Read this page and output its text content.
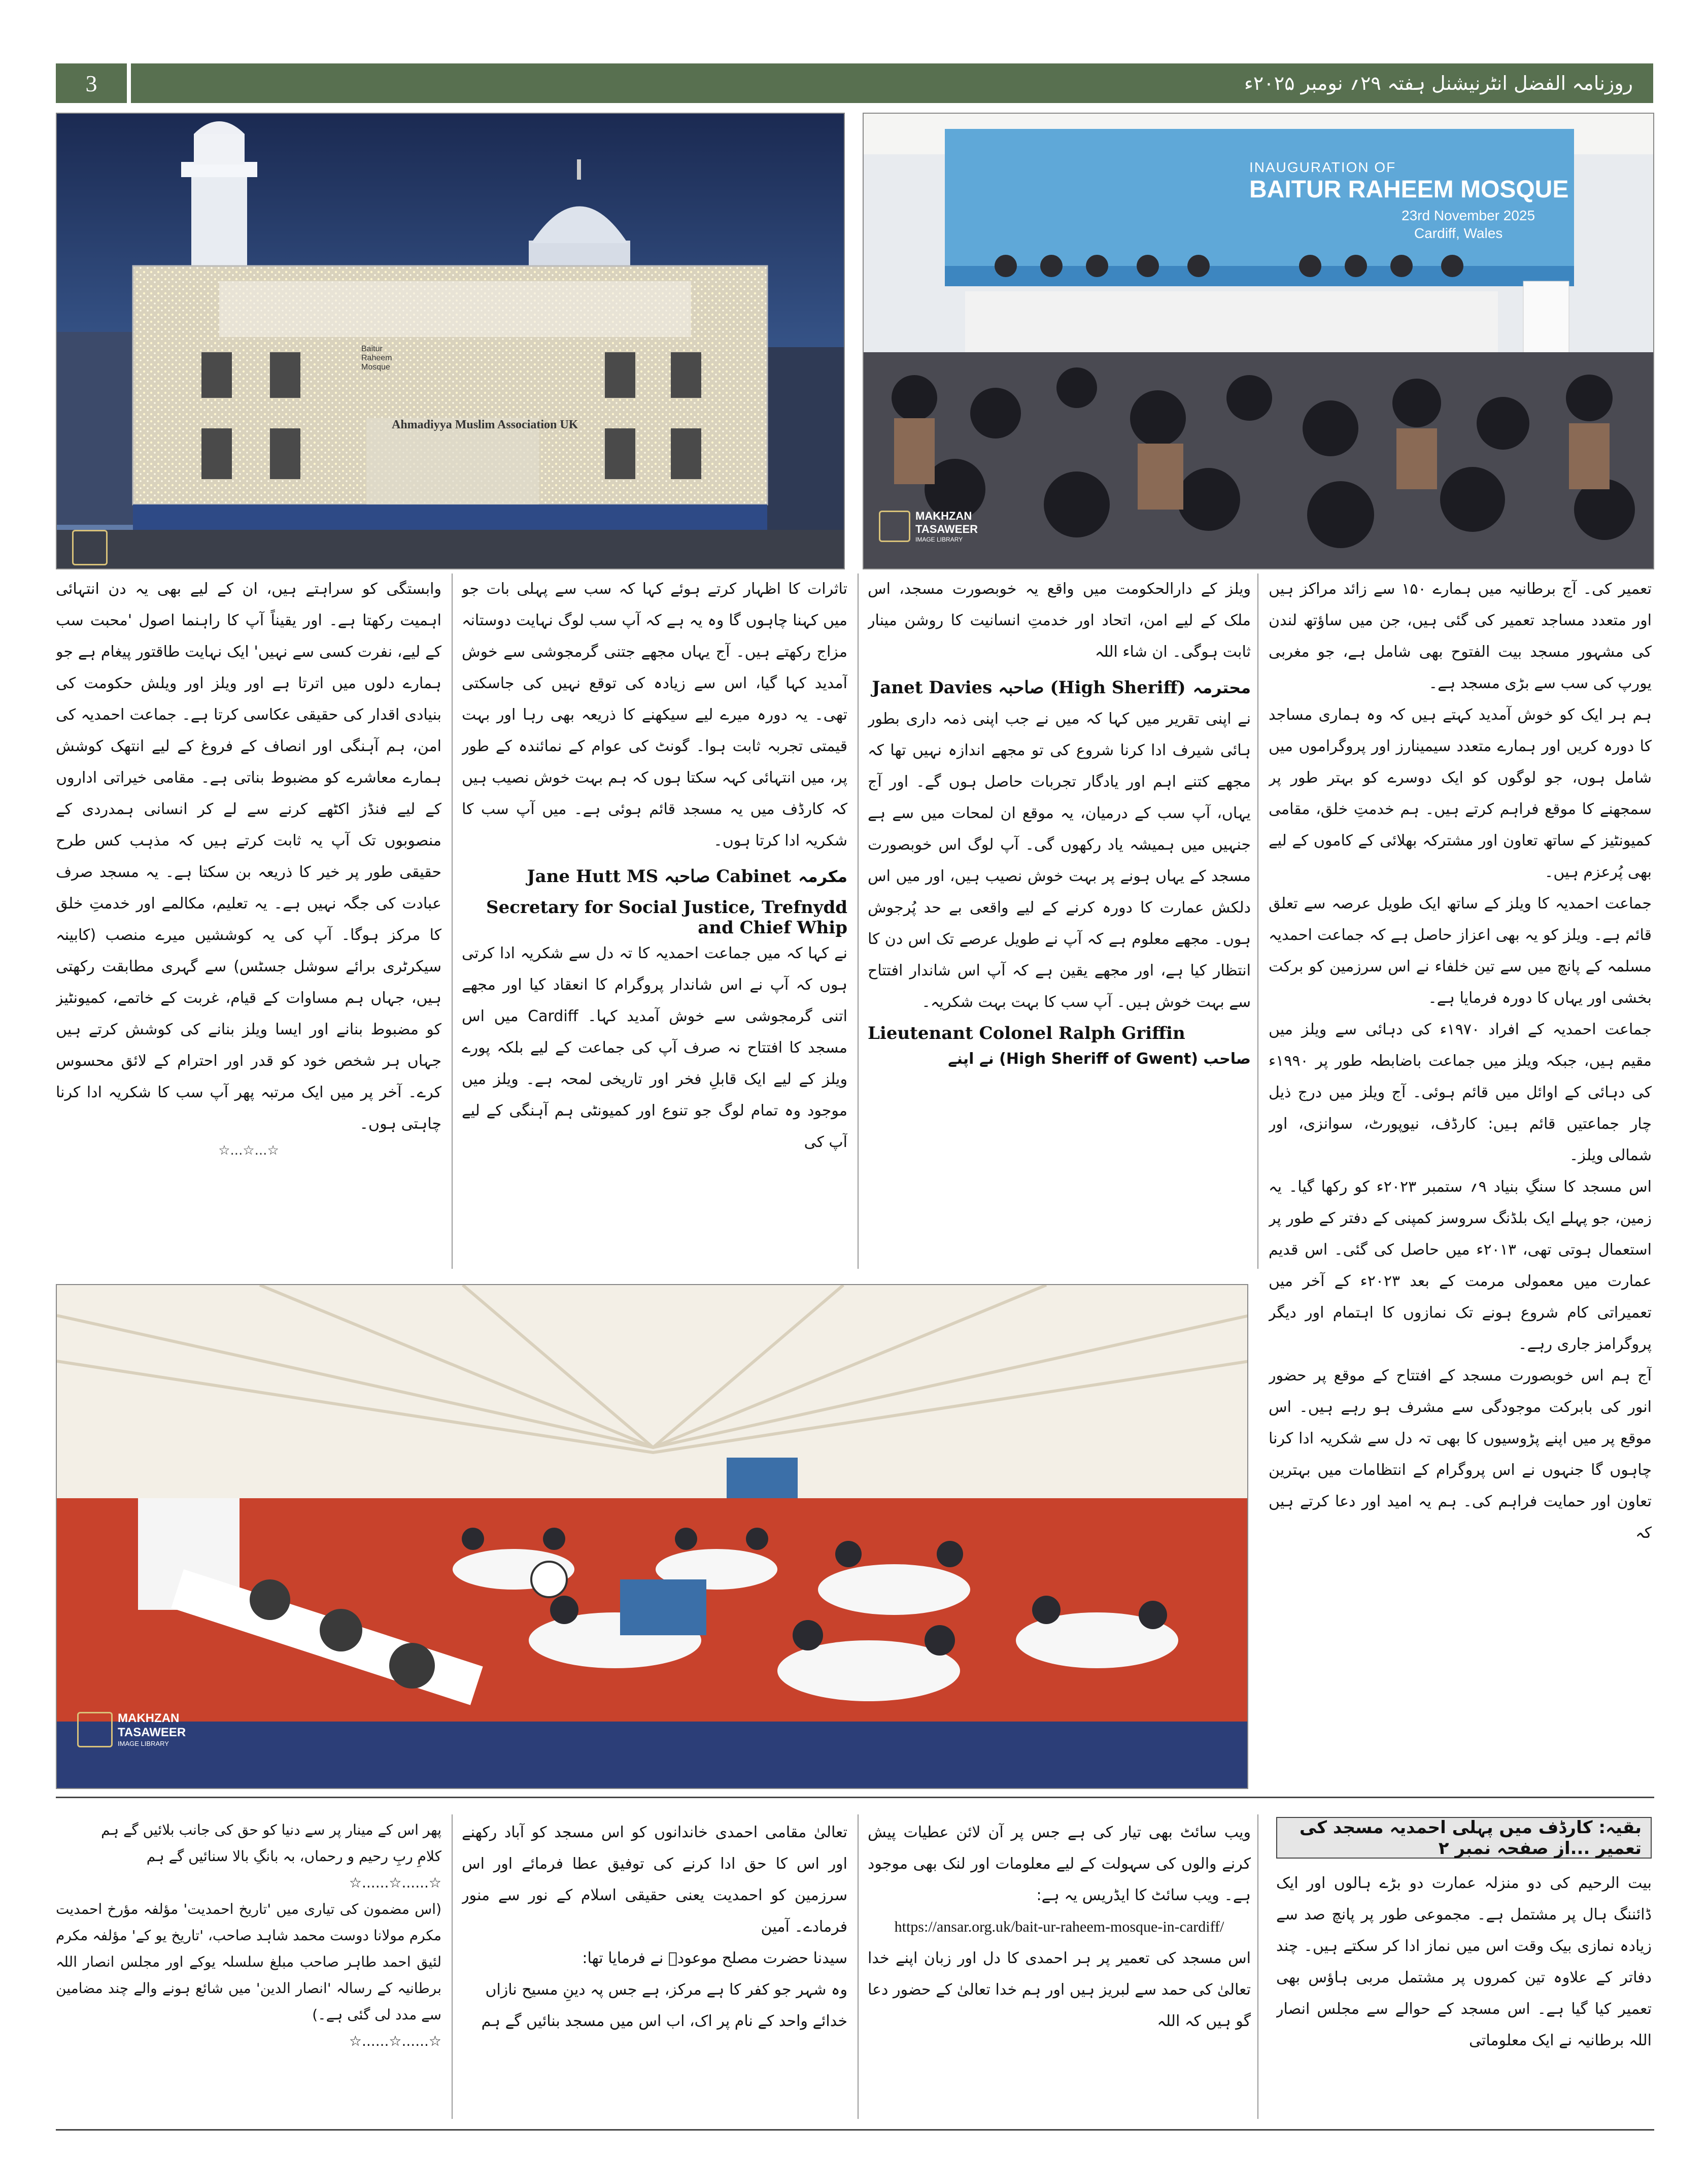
3	روزنامہ الفضل انٹرنیشنل ہفتہ ۲۹؍ نومبر ۲۰۲۵ء
Ahmadiyya Muslim Association UK
Baitur Raheem Mosque
INAUGURATION OF
BAITUR RAHEEM MOSQUE
23rd November 2025
Cardiff, Wales
MAKHZAN
TASAWEER
IMAGE LIBRARY
تعمیر کی۔ آج برطانیہ میں ہمارے ۱۵۰ سے زائد مراکز ہیں اور متعدد مساجد تعمیر کی گئی ہیں، جن میں ساؤتھ لندن کی مشہور مسجد بیت الفتوح بھی شامل ہے، جو مغربی یورپ کی سب سے بڑی مسجد ہے۔
ہم ہر ایک کو خوش آمدید کہتے ہیں کہ وہ ہماری مساجد کا دورہ کریں اور ہمارے متعدد سیمینارز اور پروگراموں میں شامل ہوں، جو لوگوں کو ایک دوسرے کو بہتر طور پر سمجھنے کا موقع فراہم کرتے ہیں۔ ہم خدمتِ خلق، مقامی کمیونٹیز کے ساتھ تعاون اور مشترکہ بھلائی کے کاموں کے لیے بھی پُرعزم ہیں۔
جماعت احمدیہ کا ویلز کے ساتھ ایک طویل عرصہ سے تعلق قائم ہے۔ ویلز کو یہ بھی اعزاز حاصل ہے کہ جماعت احمدیہ مسلمہ کے پانچ میں سے تین خلفاء نے اس سرزمین کو برکت بخشی اور یہاں کا دورہ فرمایا ہے۔
جماعت احمدیہ کے افراد ۱۹۷۰ء کی دہائی سے ویلز میں مقیم ہیں، جبکہ ویلز میں جماعت باضابطہ طور پر ۱۹۹۰ء کی دہائی کے اوائل میں قائم ہوئی۔ آج ویلز میں درج ذیل چار جماعتیں قائم ہیں: کارڈف، نیوپورٹ، سوانزی، اور شمالی ویلز۔
اس مسجد کا سنگِ بنیاد ۹؍ ستمبر ۲۰۲۳ء کو رکھا گیا۔ یہ زمین، جو پہلے ایک بلڈنگ سروسز کمپنی کے دفتر کے طور پر استعمال ہوتی تھی، ۲۰۱۳ء میں حاصل کی گئی۔ اس قدیم عمارت میں معمولی مرمت کے بعد ۲۰۲۳ء کے آخر میں تعمیراتی کام شروع ہونے تک نمازوں کا اہتمام اور دیگر پروگرامز جاری رہے۔
آج ہم اس خوبصورت مسجد کے افتتاح کے موقع پر حضور انور کی بابرکت موجودگی سے مشرف ہو رہے ہیں۔ اس موقع پر میں اپنے پڑوسیوں کا بھی تہ دل سے شکریہ ادا کرنا چاہوں گا جنہوں نے اس پروگرام کے انتظامات میں بہترین تعاون اور حمایت فراہم کی۔ ہم یہ امید اور دعا کرتے ہیں کہ
ویلز کے دارالحکومت میں واقع یہ خوبصورت مسجد، اس ملک کے لیے امن، اتحاد اور خدمتِ انسانیت کا روشن مینار ثابت ہوگی۔ ان شاء اللہ
محترمہ
Janet Davies صاحبہ (High Sheriff)
نے اپنی تقریر میں کہا کہ میں نے جب اپنی ذمہ داری بطور ہائی شیرف ادا کرنا شروع کی تو مجھے اندازہ نہیں تھا کہ مجھے کتنے اہم اور یادگار تجربات حاصل ہوں گے۔ اور آج یہاں، آپ سب کے درمیان، یہ موقع ان لمحات میں سے ہے جنہیں میں ہمیشہ یاد رکھوں گی۔ آپ لوگ اس خوبصورت مسجد کے یہاں ہونے پر بہت خوش نصیب ہیں، اور میں اس دلکش عمارت کا دورہ کرنے کے لیے واقعی بے حد پُرجوش ہوں۔ مجھے معلوم ہے کہ آپ نے طویل عرصے تک اس دن کا انتظار کیا ہے، اور مجھے یقین ہے کہ آپ اس شاندار افتتاح سے بہت خوش ہیں۔ آپ سب کا بہت بہت شکریہ۔
Lieutenant Colonel Ralph Griffin
صاحب (High Sheriff of Gwent) نے اپنے
تاثرات کا اظہار کرتے ہوئے کہا کہ سب سے پہلی بات جو میں کہنا چاہوں گا وہ یہ ہے کہ آپ سب لوگ نہایت دوستانہ مزاج رکھتے ہیں۔ آج یہاں مجھے جتنی گرمجوشی سے خوش آمدید کہا گیا، اس سے زیادہ کی توقع نہیں کی جاسکتی تھی۔ یہ دورہ میرے لیے سیکھنے کا ذریعہ بھی رہا اور بہت قیمتی تجربہ ثابت ہوا۔ گونٹ کی عوام کے نمائندہ کے طور پر، میں انتہائی کہہ سکتا ہوں کہ ہم بہت خوش نصیب ہیں کہ کارڈف میں یہ مسجد قائم ہوئی ہے۔ میں آپ سب کا شکریہ ادا کرتا ہوں۔
مکرمہ
Jane Hutt MS صاحبہ Cabinet
Secretary for Social Justice, Trefnydd
and Chief Whip
نے کہا کہ میں جماعت احمدیہ کا تہ دل سے شکریہ ادا کرتی ہوں کہ آپ نے اس شاندار پروگرام کا انعقاد کیا اور مجھے اتنی گرمجوشی سے خوش آمدید کہا۔ Cardiff میں اس مسجد کا افتتاح نہ صرف آپ کی جماعت کے لیے بلکہ پورے ویلز کے لیے ایک قابلِ فخر اور تاریخی لمحہ ہے۔ ویلز میں موجود وہ تمام لوگ جو تنوع اور کمیونٹی ہم آہنگی کے لیے آپ کی
وابستگی کو سراہتے ہیں، ان کے لیے بھی یہ دن انتہائی اہمیت رکھتا ہے۔ اور یقیناً آپ کا راہنما اصول 'محبت سب کے لیے، نفرت کسی سے نہیں' ایک نہایت طاقتور پیغام ہے جو ہمارے دلوں میں اترتا ہے اور ویلز اور ویلش حکومت کی بنیادی اقدار کی حقیقی عکاسی کرتا ہے۔ جماعت احمدیہ کی امن، ہم آہنگی اور انصاف کے فروغ کے لیے انتھک کوشش ہمارے معاشرے کو مضبوط بناتی ہے۔ مقامی خیراتی اداروں کے لیے فنڈز اکٹھے کرنے سے لے کر انسانی ہمدردی کے منصوبوں تک آپ یہ ثابت کرتے ہیں کہ مذہب کس طرح حقیقی طور پر خیر کا ذریعہ بن سکتا ہے۔ یہ مسجد صرف عبادت کی جگہ نہیں ہے۔ یہ تعلیم، مکالمے اور خدمتِ خلق کا مرکز ہوگا۔ آپ کی یہ کوششیں میرے منصب (کابینہ سیکرٹری برائے سوشل جسٹس) سے گہری مطابقت رکھتی ہیں، جہاں ہم مساوات کے قیام، غربت کے خاتمے، کمیونٹیز کو مضبوط بنانے اور ایسا ویلز بنانے کی کوشش کرتے ہیں جہاں ہر شخص خود کو قدر اور احترام کے لائق محسوس کرے۔ آخر پر میں ایک مرتبہ پھر آپ سب کا شکریہ ادا کرنا چاہتی ہوں۔
☆...☆...☆
MAKHZAN
TASAWEER
IMAGE LIBRARY
بقیہ: کارڈف میں پہلی احمدیہ مسجد کی تعمیر ...از صفحہ نمبر ۲
بیت الرحیم کی دو منزلہ عمارت دو بڑے ہالوں اور ایک ڈائننگ ہال پر مشتمل ہے۔ مجموعی طور پر پانچ صد سے زیادہ نمازی بیک وقت اس میں نماز ادا کر سکتے ہیں۔ چند دفاتر کے علاوہ تین کمروں پر مشتمل مربی ہاؤس بھی تعمیر کیا گیا ہے۔ اس مسجد کے حوالے سے مجلس انصار اللہ برطانیہ نے ایک معلوماتی
ویب سائٹ بھی تیار کی ہے جس پر آن لائن عطیات پیش کرنے والوں کی سہولت کے لیے معلومات اور لنک بھی موجود ہے۔ ویب سائٹ کا ایڈریس یہ ہے:
https://ansar.org.uk/bait-ur-raheem-mosque-in-cardiff/
اس مسجد کی تعمیر پر ہر احمدی کا دل اور زبان اپنے خدا تعالیٰ کی حمد سے لبریز ہیں اور ہم خدا تعالیٰ کے حضور دعا گو ہیں کہ اللہ
تعالیٰ مقامی احمدی خاندانوں کو اس مسجد کو آباد رکھنے اور اس کا حق ادا کرنے کی توفیق عطا فرمائے اور اس سرزمین کو احمدیت یعنی حقیقی اسلام کے نور سے منور فرمادے۔ آمین
سیدنا حضرت مصلح موعودؓ نے فرمایا تھا:
وہ شہر جو کفر کا ہے مرکز، ہے جس پہ دینِ مسیح نازاں
خدائے واحد کے نام پر اک، اب اس میں مسجد بنائیں گے ہم
پھر اس کے مینار پر سے دنیا کو حق کی جانب بلائیں گے ہم
کلامِ ربِ رحیم و رحماں، بہ بانگِ بالا سنائیں گے ہم
☆......☆......☆
(اس مضمون کی تیاری میں 'تاریخ احمدیت' مؤلفہ مؤرخ احمدیت مکرم مولانا دوست محمد شاہد صاحب، 'تاریخ یو کے' مؤلفہ مکرم لئیق احمد طاہر صاحب مبلغ سلسلہ یوکے اور مجلس انصار اللہ برطانیہ کے رسالہ 'انصار الدین' میں شائع ہونے والے چند مضامین سے مدد لی گئی ہے۔)
☆......☆......☆
